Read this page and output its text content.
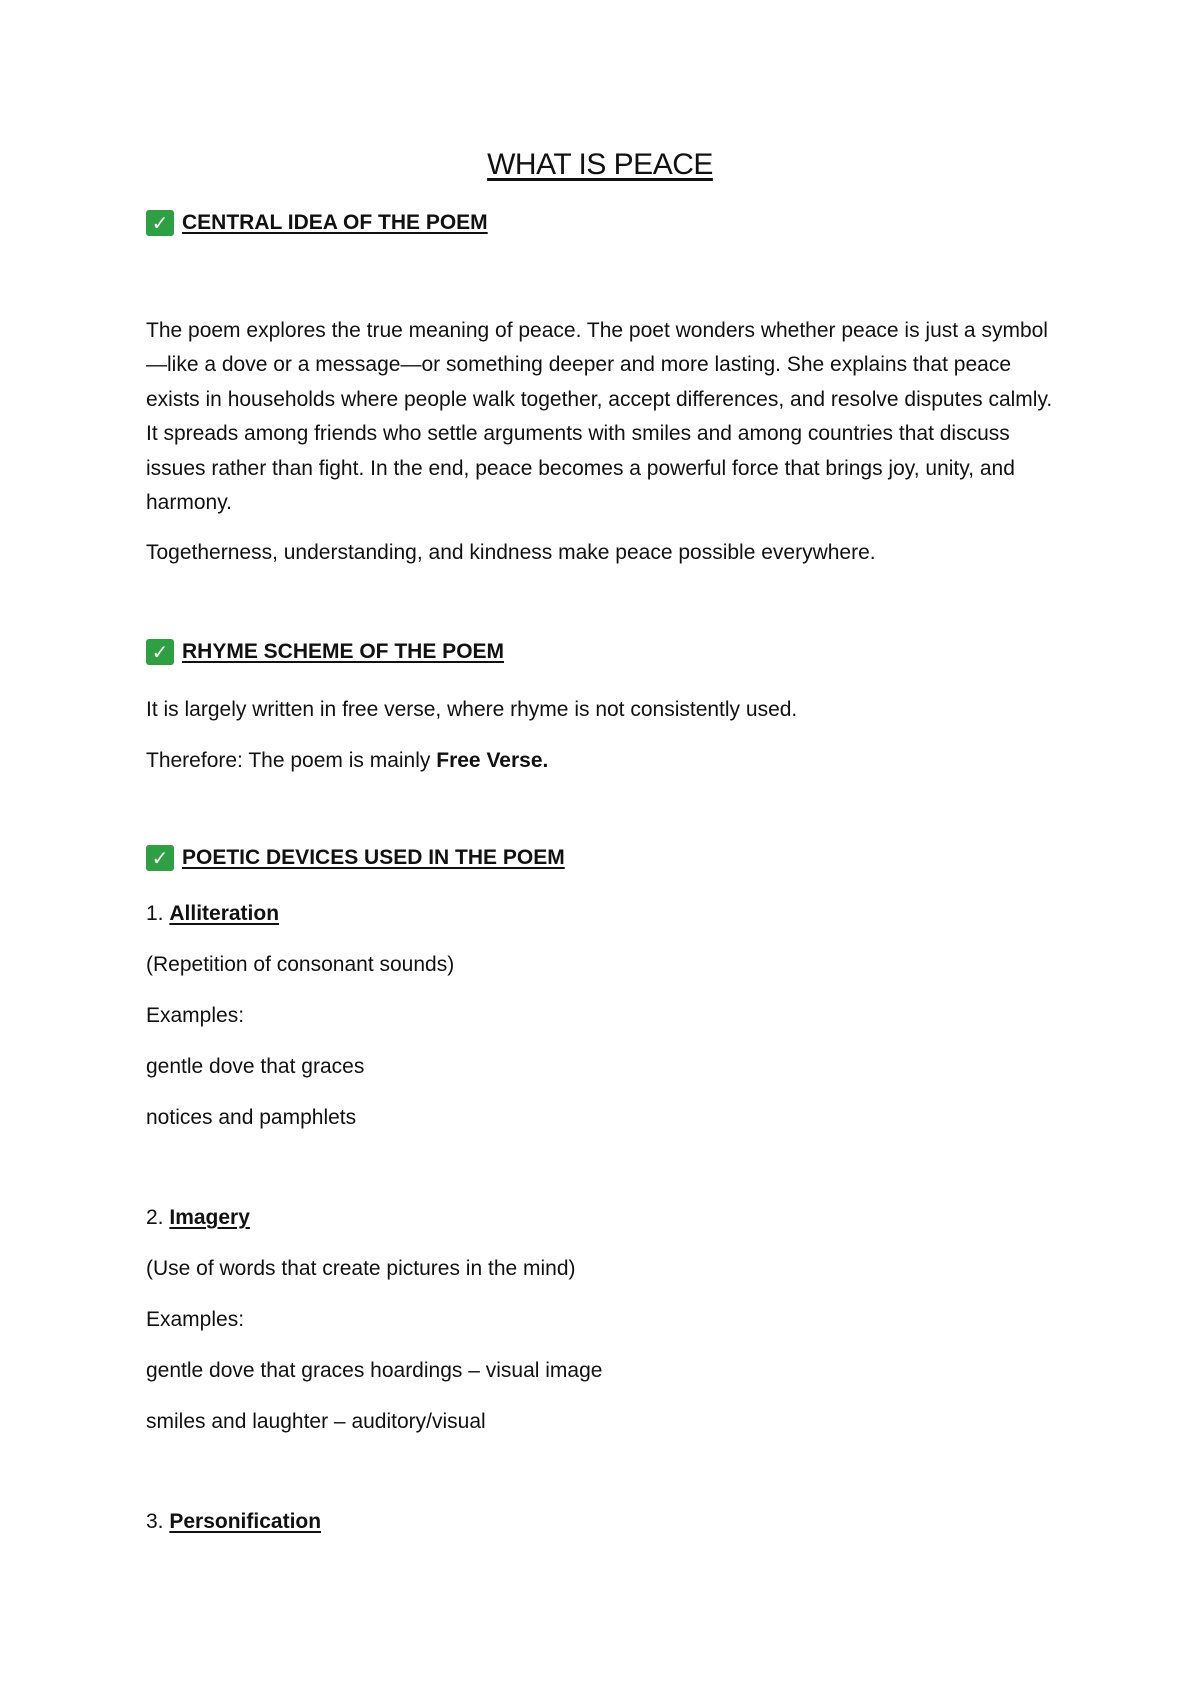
WHAT IS PEACE
✓ CENTRAL IDEA OF THE POEM
The poem explores the true meaning of peace. The poet wonders whether peace is just a symbol—like a dove or a message—or something deeper and more lasting. She explains that peace exists in households where people walk together, accept differences, and resolve disputes calmly. It spreads among friends who settle arguments with smiles and among countries that discuss issues rather than fight. In the end, peace becomes a powerful force that brings joy, unity, and harmony.
Togetherness, understanding, and kindness make peace possible everywhere.
✓ RHYME SCHEME OF THE POEM
It is largely written in free verse, where rhyme is not consistently used.
Therefore: The poem is mainly Free Verse.
✓ POETIC DEVICES USED IN THE POEM
1. Alliteration
(Repetition of consonant sounds)
Examples:
gentle dove that graces
notices and pamphlets
2. Imagery
(Use of words that create pictures in the mind)
Examples:
gentle dove that graces hoardings – visual image
smiles and laughter – auditory/visual
3. Personification
